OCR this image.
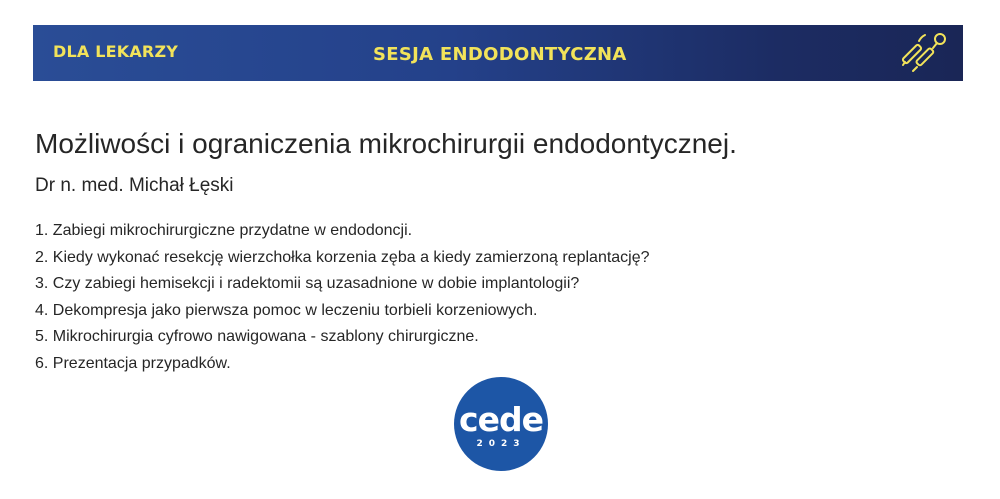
DLA LEKARZY	SESJA ENDODONTYCZNA
Możliwości i ograniczenia mikrochirurgii endodontycznej.
Dr n. med. Michał Łęski
1. Zabiegi mikrochirurgiczne przydatne w endodoncji.
2. Kiedy wykonać resekcję wierzchołka korzenia zęba a kiedy zamierzoną replantację?
3. Czy zabiegi hemisekcji i radektomii są uzasadnione w dobie implantologii?
4. Dekompresja jako pierwsza pomoc w leczeniu torbieli korzeniowych.
5. Mikrochirurgia cyfrowo nawigowana - szablony chirurgiczne.
6. Prezentacja przypadków.
cede
2023
